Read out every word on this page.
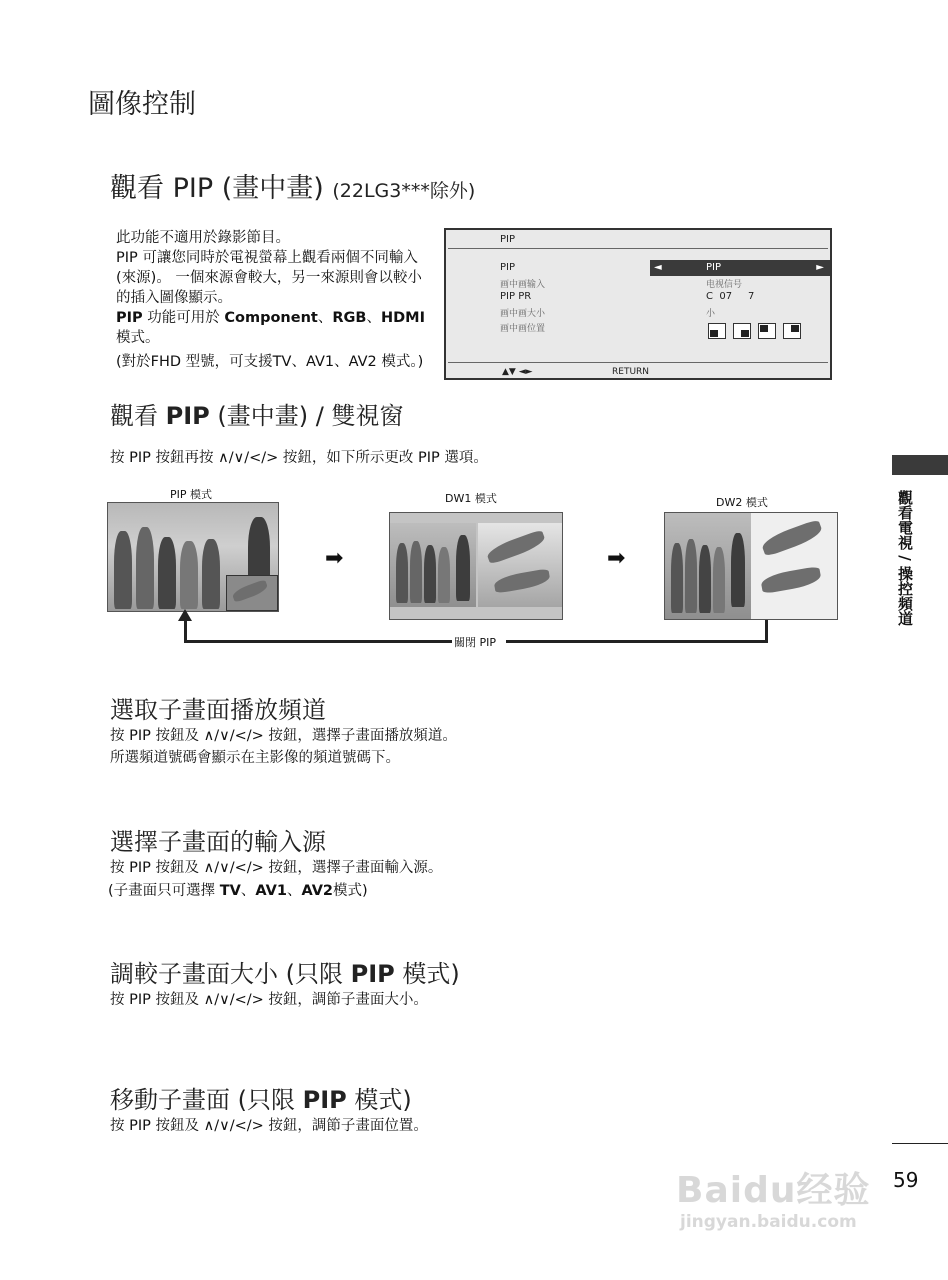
圖像控制
觀看 PIP (畫中畫) (22LG3***除外)
此功能不適用於錄影節目。
PIP 可讓您同時於電視螢幕上觀看兩個不同輸入 (來源)。 一個來源會較大，另一來源則會以較小的插入圖像顯示。
PIP 功能可用於 Component、RGB、HDMI 模式。
(對於FHD 型號，可支援TV、AV1、AV2 模式。)
PIP
PIP
画中画输入
PIP PR
画中画大小
画中画位置
◄	PIP	►
电视信号
C  07     7
小
▲▼ ◄►	RETURN
觀看 PIP (畫中畫) / 雙視窗
按 PIP 按鈕再按 ∧/∨/</> 按鈕，如下所示更改 PIP 選項。
PIP 模式	DW1 模式	DW2 模式
➡	➡
關閉 PIP
選取子畫面播放頻道
按 PIP 按鈕及 ∧/∨/</> 按鈕，選擇子畫面播放頻道。
所選頻道號碼會顯示在主影像的頻道號碼下。
選擇子畫面的輸入源
按 PIP 按鈕及 ∧/∨/</> 按鈕，選擇子畫面輸入源。
(子畫面只可選擇 TV、AV1、AV2模式)
調較子畫面大小 (只限 PIP 模式)
按 PIP 按鈕及 ∧/∨/</> 按鈕，調節子畫面大小。
移動子畫面 (只限 PIP 模式)
按 PIP 按鈕及 ∧/∨/</> 按鈕，調節子畫面位置。
觀看電視 / 操控頻道
59
Baidu经验
jingyan.baidu.com
